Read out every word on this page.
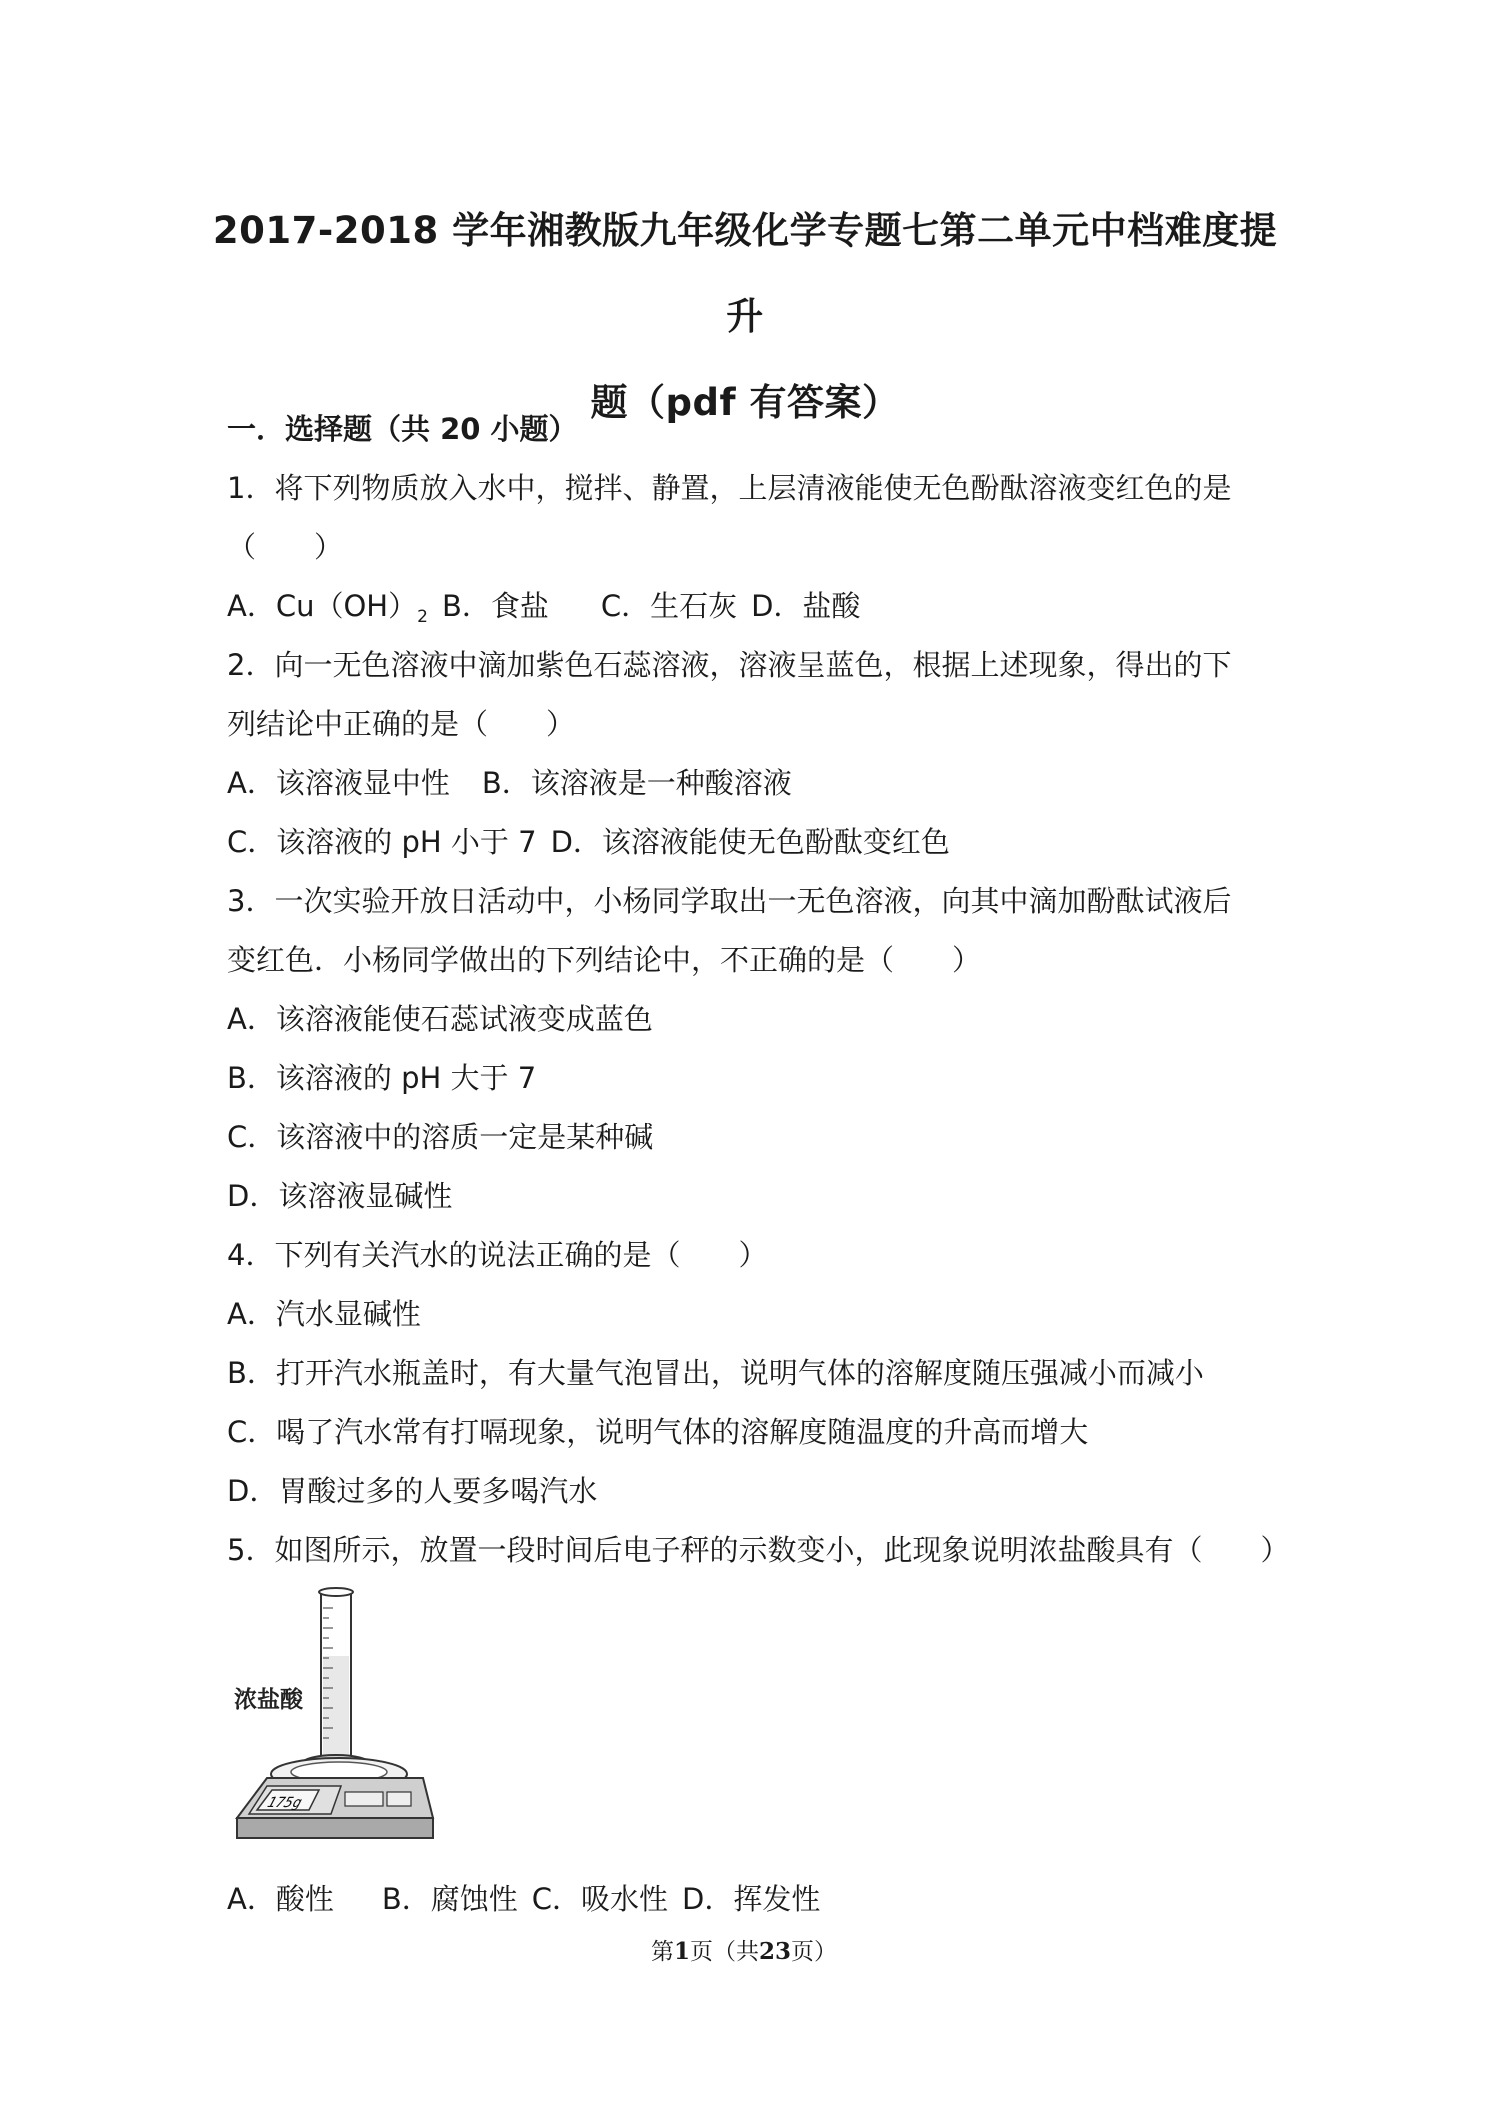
2017-2018 学年湘教版九年级化学专题七第二单元中档难度提升
题（pdf 有答案）
一．选择题（共 20 小题）
1．将下列物质放入水中，搅拌、静置，上层清液能使无色酚酞溶液变红色的是
（　　）
A．$Cu(OH)_2$ B．食盐 C．生石灰 D．盐酸
2．向一无色溶液中滴加紫色石蕊溶液，溶液呈蓝色，根据上述现象，得出的下
列结论中正确的是（　　）
A．该溶液显中性 B．该溶液是一种酸溶液
C．该溶液的 pH 小于 7 D．该溶液能使无色酚酞变红色
3．一次实验开放日活动中，小杨同学取出一无色溶液，向其中滴加酚酞试液后
变红色．小杨同学做出的下列结论中，不正确的是（　　）
A．该溶液能使石蕊试液变成蓝色
B．该溶液的 pH 大于 7
C．该溶液中的溶质一定是某种碱
D．该溶液显碱性
4．下列有关汽水的说法正确的是（　　）
A．汽水显碱性
B．打开汽水瓶盖时，有大量气泡冒出，说明气体的溶解度随压强减小而减小
C．喝了汽水常有打嗝现象，说明气体的溶解度随温度的升高而增大
D．胃酸过多的人要多喝汽水
5．如图所示，放置一段时间后电子秤的示数变小，此现象说明浓盐酸具有（　　）
175g
浓盐酸
A．酸性 B．腐蚀性 C．吸水性 D．挥发性
第1页（共23页）
